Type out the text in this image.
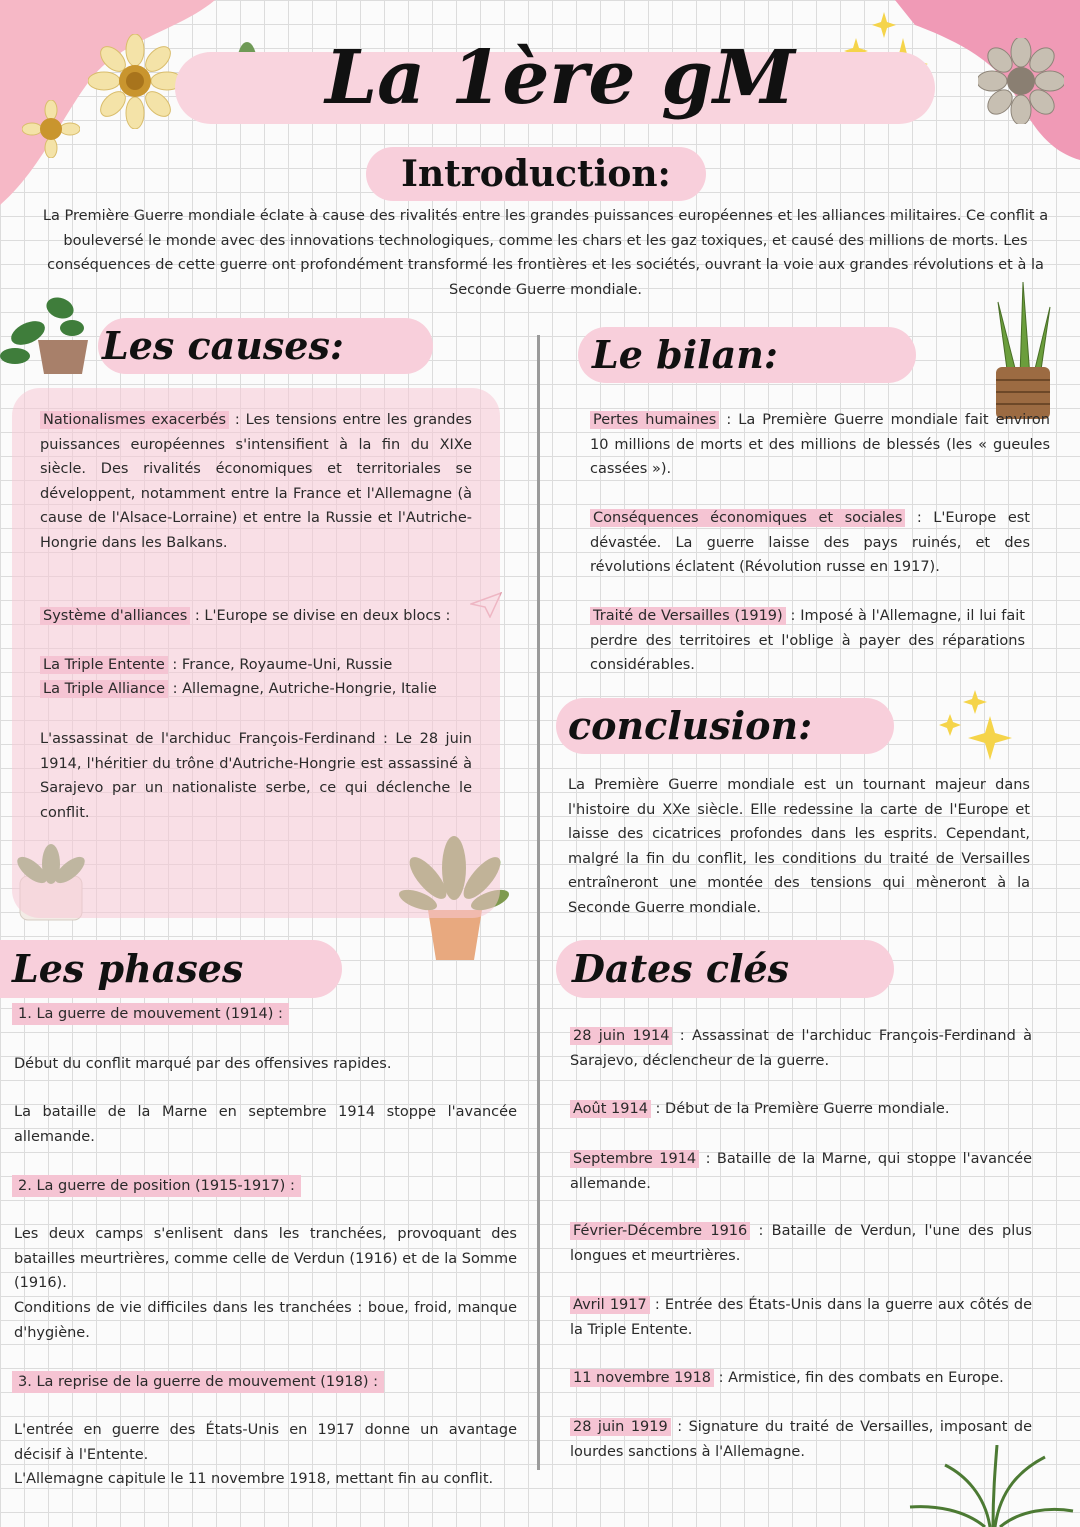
La 1ère gM
Introduction:

La Première Guerre mondiale éclate à cause des rivalités entre les grandes puissances européennes et les alliances militaires. Ce conflit a bouleversé le monde avec des innovations technologiques, comme les chars et les gaz toxiques, et causé des millions de morts. Les conséquences de cette guerre ont profondément transformé les frontières et les sociétés, ouvrant la voie aux grandes révolutions et à la Seconde Guerre mondiale.

Les causes:
Nationalismes exacerbés : Les tensions entre les grandes puissances européennes s'intensifient à la fin du XIXe siècle. Des rivalités économiques et territoriales se développent, notamment entre la France et l'Allemagne (à cause de l'Alsace-Lorraine) et entre la Russie et l'Autriche-Hongrie dans les Balkans.
Système d'alliances : L'Europe se divise en deux blocs :
La Triple Entente : France, Royaume-Uni, Russie
La Triple Alliance : Allemagne, Autriche-Hongrie, Italie
L'assassinat de l'archiduc François-Ferdinand : Le 28 juin 1914, l'héritier du trône d'Autriche-Hongrie est assassiné à Sarajevo par un nationaliste serbe, ce qui déclenche le conflit.
Le bilan:
Pertes humaines : La Première Guerre mondiale fait environ 10 millions de morts et des millions de blessés (les « gueules cassées »).
Conséquences économiques et sociales : L'Europe est dévastée. La guerre laisse des pays ruinés, et des révolutions éclatent (Révolution russe en 1917).
Traité de Versailles (1919) : Imposé à l'Allemagne, il lui fait perdre des territoires et l'oblige à payer des réparations considérables.
conclusion:

La Première Guerre mondiale est un tournant majeur dans l'histoire du XXe siècle. Elle redessine la carte de l'Europe et laisse des cicatrices profondes dans les esprits. Cependant, malgré la fin du conflit, les conditions du traité de Versailles entraîneront une montée des tensions qui mèneront à la Seconde Guerre mondiale.

Les phases
1. La guerre de mouvement (1914) :

Début du conflit marqué par des offensives rapides.

La bataille de la Marne en septembre 1914 stoppe l'avancée allemande.

2. La guerre de position (1915-1917) :

Les deux camps s'enlisent dans les tranchées, provoquant des batailles meurtrières, comme celle de Verdun (1916) et de la Somme (1916).

Conditions de vie difficiles dans les tranchées : boue, froid, manque d'hygiène.

3. La reprise de la guerre de mouvement (1918) :

L'entrée en guerre des États-Unis en 1917 donne un avantage décisif à l'Entente.

L'Allemagne capitule le 11 novembre 1918, mettant fin au conflit.

Dates clés
28 juin 1914 : Assassinat de l'archiduc François-Ferdinand à Sarajevo, déclencheur de la guerre.
Août 1914 : Début de la Première Guerre mondiale.
Septembre 1914 : Bataille de la Marne, qui stoppe l'avancée allemande.
Février-Décembre 1916 : Bataille de Verdun, l'une des plus longues et meurtrières.
Avril 1917 : Entrée des États-Unis dans la guerre aux côtés de la Triple Entente.
11 novembre 1918 : Armistice, fin des combats en Europe.
28 juin 1919 : Signature du traité de Versailles, imposant de lourdes sanctions à l'Allemagne.
